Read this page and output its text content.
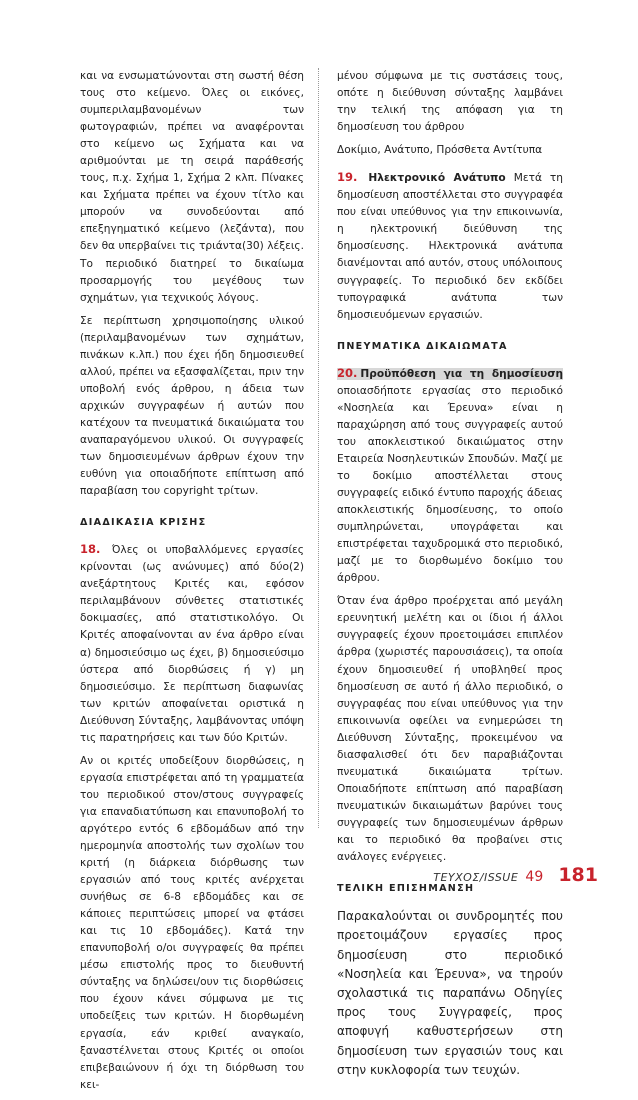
και να ενσωματώνονται στη σωστή θέση τους στο κείμενο. Όλες οι εικόνες, συμπεριλαμβανομένων των φωτογραφιών, πρέπει να αναφέρονται στο κείμενο ως Σχήματα και να αριθμούνται με τη σειρά παράθεσής τους, π.χ. Σχήμα 1, Σχήμα 2 κλπ. Πίνακες και Σχήματα πρέπει να έχουν τίτλο και μπορούν να συνοδεύονται από επεξηγηματικό κείμενο (λεζάντα), που δεν θα υπερβαίνει τις τριάντα(30) λέξεις. Το περιοδικό διατηρεί το δικαίωμα προσαρμογής του μεγέθους των σχημάτων, για τεχνικούς λόγους.

Σε περίπτωση χρησιμοποίησης υλικού (περιλαμβανομένων των σχημάτων, πινάκων κ.λπ.) που έχει ήδη δημοσιευθεί αλλού, πρέπει να εξασφαλίζεται, πριν την υποβολή ενός άρθρου, η άδεια των αρχικών συγγραφέων ή αυτών που κατέχουν τα πνευματικά δικαιώματα του αναπαραγόμενου υλικού. Οι συγγραφείς των δημοσιευμένων άρθρων έχουν την ευθύνη για οποιαδήποτε επίπτωση από παραβίαση του copyright τρίτων.

ΔΙΑΔΙΚΑΣΙΑ ΚΡΙΣΗΣ

18. Όλες οι υποβαλλόμενες εργασίες κρίνονται (ως ανώνυμες) από δύο(2) ανεξάρτητους Κριτές και, εφόσον περιλαμβάνουν σύνθετες στατιστικές δοκιμασίες, από στατιστικολόγο. Οι Κριτές αποφαίνονται αν ένα άρθρο είναι α) δημοσιεύσιμο ως έχει, β) δημοσιεύσιμο ύστερα από διορθώσεις ή γ) μη δημοσιεύσιμο. Σε περίπτωση διαφωνίας των κριτών αποφαίνεται οριστικά η Διεύθυνση Σύνταξης, λαμβάνοντας υπόψη τις παρατηρήσεις και των δύο Κριτών.

Αν οι κριτές υποδείξουν διορθώσεις, η εργασία επιστρέφεται από τη γραμματεία του περιοδικού στον/στους συγγραφείς για επαναδιατύπωση και επανυποβολή το αργότερο εντός 6 εβδομάδων από την ημερομηνία αποστολής των σχολίων του κριτή (η διάρκεια διόρθωσης των εργασιών από τους κριτές ανέρχεται συνήθως σε 6-8 εβδομάδες και σε κάποιες περιπτώσεις μπορεί να φτάσει και τις 10 εβδομάδες). Κατά την επανυποβολή ο/οι συγγραφείς θα πρέπει μέσω επιστολής προς το διευθυντή σύνταξης να δηλώσει/ουν τις διορθώσεις που έχουν κάνει σύμφωνα με τις υποδείξεις των κριτών. Η διορθωμένη εργασία, εάν κριθεί αναγκαίο, ξαναστέλνεται στους Κριτές οι οποίοι επιβεβαιώνουν ή όχι τη διόρθωση του κει-

μένου σύμφωνα με τις συστάσεις τους, οπότε η διεύθυνση σύνταξης λαμβάνει την τελική της απόφαση για τη δημοσίευση του άρθρου

Δοκίμιο, Ανάτυπο, Πρόσθετα Αντίτυπα

19. Ηλεκτρονικό Ανάτυπο Μετά τη δημοσίευση αποστέλλεται στο συγγραφέα που είναι υπεύθυνος για την επικοινωνία, η ηλεκτρονική διεύθυνση της δημοσίευσης. Ηλεκτρονικά ανάτυπα διανέμονται από αυτόν, στους υπόλοιπους συγγραφείς. Το περιοδικό δεν εκδίδει τυπογραφικά ανάτυπα των δημοσιευόμενων εργασιών.

ΠΝΕΥΜΑΤΙΚΑ ΔΙΚΑΙΩΜΑΤΑ

20. Προϋπόθεση για τη δημοσίευση οποιασδήποτε εργασίας στο περιοδικό «Νοσηλεία και Έρευνα» είναι η παραχώρηση από τους συγγραφείς αυτού του αποκλειστικού δικαιώματος στην Εταιρεία Νοσηλευτικών Σπουδών. Μαζί με το δοκίμιο αποστέλλεται στους συγγραφείς ειδικό έντυπο παροχής άδειας αποκλειστικής δημοσίευσης, το οποίο συμπληρώνεται, υπογράφεται και επιστρέφεται ταχυδρομικά στο περιοδικό, μαζί με το διορθωμένο δοκίμιο του άρθρου.

Όταν ένα άρθρο προέρχεται από μεγάλη ερευνητική μελέτη και οι ίδιοι ή άλλοι συγγραφείς έχουν προετοιμάσει επιπλέον άρθρα (χωριστές παρουσιάσεις), τα οποία έχουν δημοσιευθεί ή υποβληθεί προς δημοσίευση σε αυτό ή άλλο περιοδικό, ο συγγραφέας που είναι υπεύθυνος για την επικοινωνία οφείλει να ενημερώσει τη Διεύθυνση Σύνταξης, προκειμένου να διασφαλισθεί ότι δεν παραβιάζονται πνευματικά δικαιώματα τρίτων. Οποιαδήποτε επίπτωση από παραβίαση πνευματικών δικαιωμάτων βαρύνει τους συγγραφείς των δημοσιευμένων άρθρων και το περιοδικό θα προβαίνει στις ανάλογες ενέργειες.

ΤΕΛΙΚΗ ΕΠΙΣΗΜΑΝΣΗ

Παρακαλούνται οι συνδρομητές που προετοιμάζουν εργασίες προς δημοσίευση στο περιοδικό «Νοσηλεία και Έρευνα», να τηρούν σχολαστικά τις παραπάνω Οδηγίες προς τους Συγγραφείς, προς αποφυγή καθυστερήσεων στη δημοσίευση των εργασιών τους και στην κυκλοφορία των τευχών.

ΤΕΥΧΟΣ/ISSUE 49 181
